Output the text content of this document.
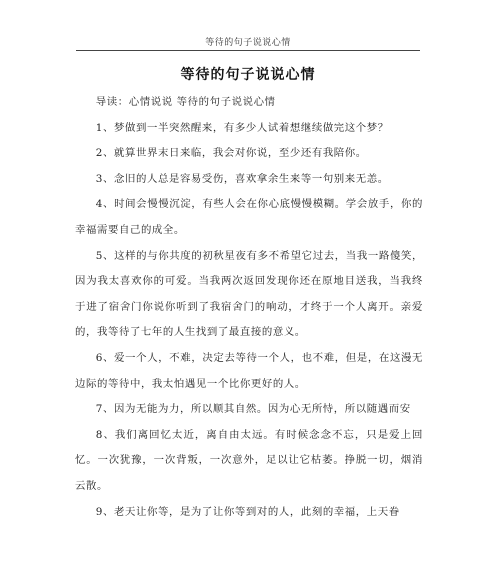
等待的句子说说心情
等待的句子说说心情

导读：心情说说 等待的句子说说心情

1、梦做到一半突然醒来，有多少人试着想继续做完这个梦？

2、就算世界末日来临，我会对你说，至少还有我陪你。

3、念旧的人总是容易受伤，喜欢拿余生来等一句别来无恙。

4、时间会慢慢沉淀，有些人会在你心底慢慢模糊。学会放手，你的幸福需要自己的成全。

5、这样的与你共度的初秋星夜有多不希望它过去，当我一路傻笑，因为我太喜欢你的可爱。当我两次返回发现你还在原地目送我，当我终于进了宿舍门你说你听到了我宿舍门的响动，才终于一个人离开。亲爱的，我等待了七年的人生找到了最直接的意义。

6、爱一个人，不难，决定去等待一个人，也不难，但是，在这漫无边际的等待中，我太怕遇见一个比你更好的人。

7、因为无能为力，所以顺其自然。因为心无所恃，所以随遇而安

8、我们离回忆太近，离自由太远。有时候念念不忘，只是爱上回忆。一次犹豫，一次背叛，一次意外，足以让它枯萎。挣脱一切，烟消云散。

9、老天让你等，是为了让你等到对的人，此刻的幸福，上天眷
